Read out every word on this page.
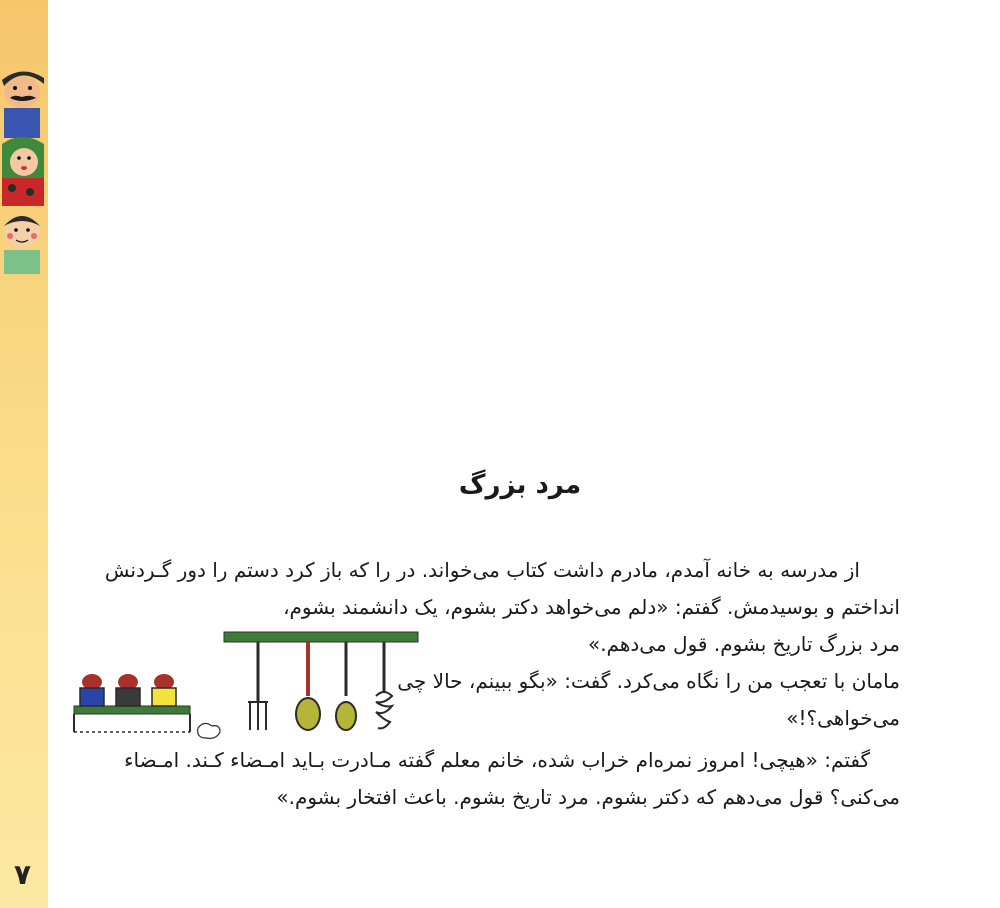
۷
مرد بزرگ
از مدرسه به خانه آمدم، مادرم داشت کتاب می‌خواند. در را که باز کرد دستم را دور گـردنش
انداختم و بوسیدمش. گفتم: «دلم می‌خواهد دکتر بشوم، یک دانشمند بشوم،
مرد بزرگ تاریخ بشوم. قول می‌دهم.»
مامان با تعجب من را نگاه می‌کرد. گفت: «بگو ببینم، حالا چی
می‌خواهی؟!»
گفتم: «هیچی! امروز نمره‌ام خراب شده، خانم معلم گفته مـادرت بـاید امـضاء کـند. امـضاء
می‌کنی؟ قول می‌دهم که دکتر بشوم. مرد تاریخ بشوم. باعث افتخار بشوم.»
